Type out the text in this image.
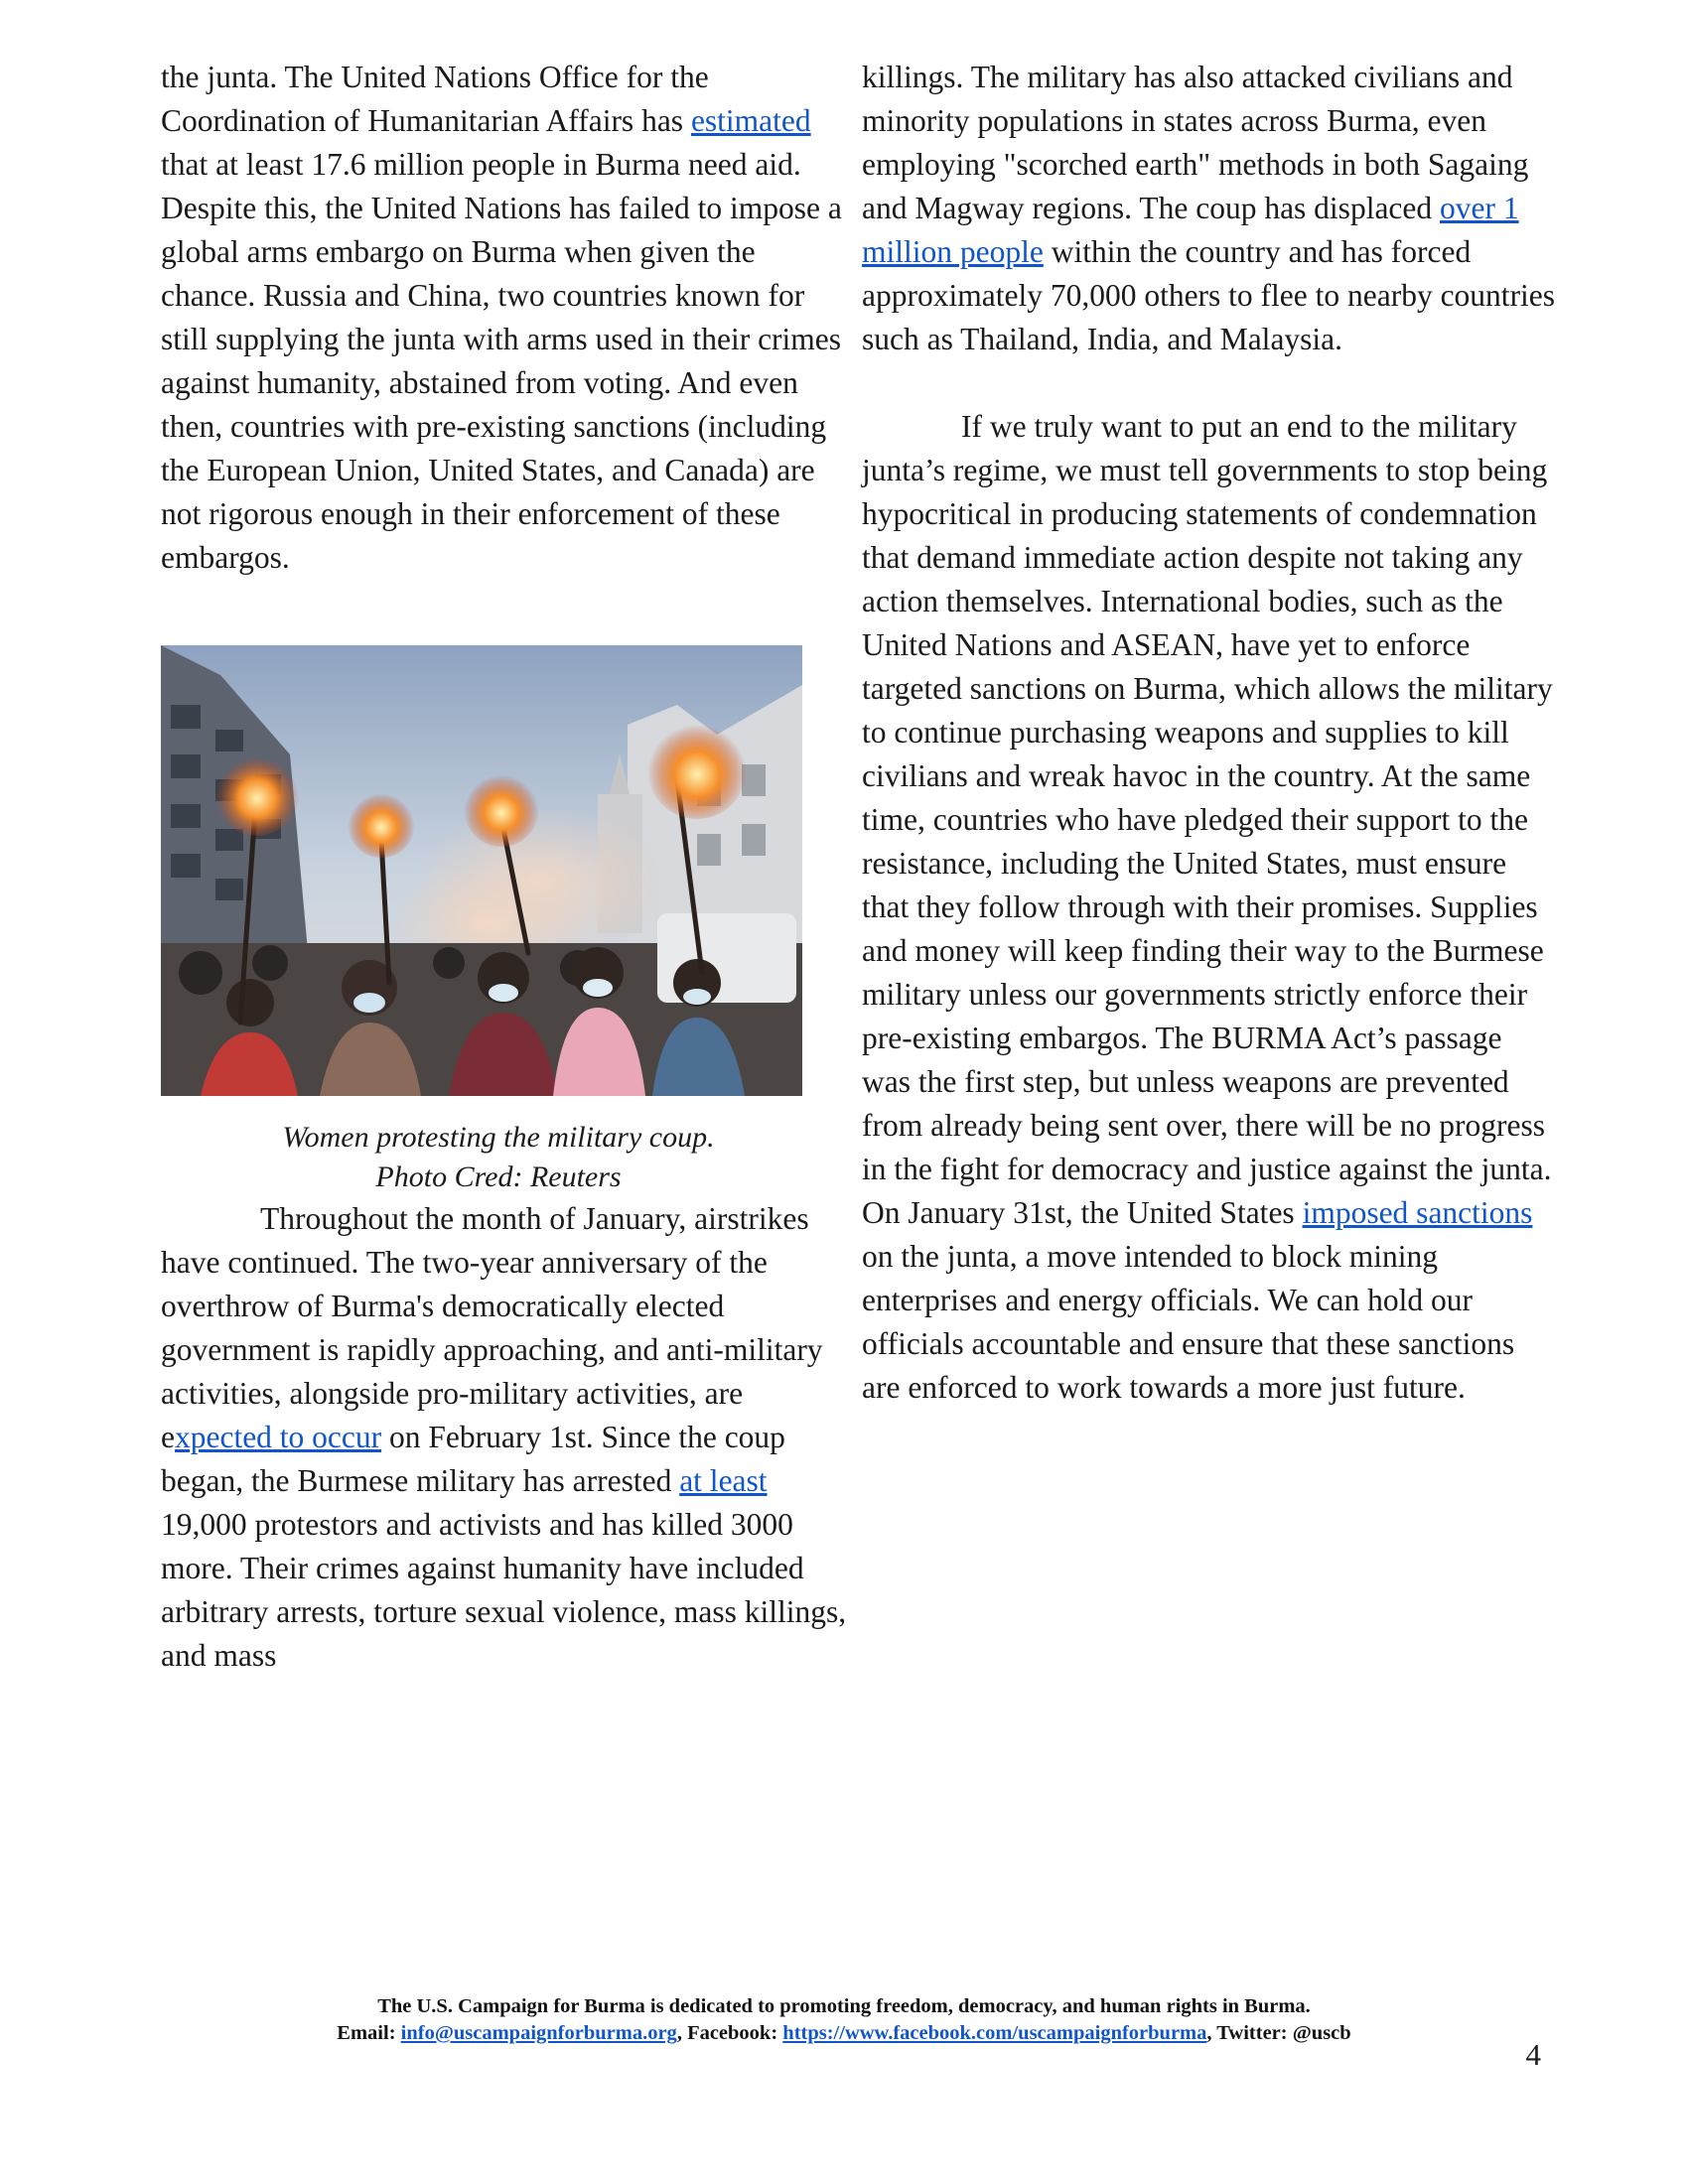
the junta. The United Nations Office for the Coordination of Humanitarian Affairs has estimated that at least 17.6 million people in Burma need aid. Despite this, the United Nations has failed to impose a global arms embargo on Burma when given the chance. Russia and China, two countries known for still supplying the junta with arms used in their crimes against humanity, abstained from voting. And even then, countries with pre-existing sanctions (including the European Union, United States, and Canada) are not rigorous enough in their enforcement of these embargos.

Women protesting the military coup.
Photo Cred: Reuters

Throughout the month of January, airstrikes have continued. The two-year anniversary of the overthrow of Burma's democratically elected government is rapidly approaching, and anti-military activities, alongside pro-military activities, are expected to occur on February 1st. Since the coup began, the Burmese military has arrested at least 19,000 protestors and activists and has killed 3000 more. Their crimes against humanity have included arbitrary arrests, torture sexual violence, mass killings, and mass

killings. The military has also attacked civilians and minority populations in states across Burma, even employing "scorched earth" methods in both Sagaing and Magway regions. The coup has displaced over 1 million people within the country and has forced approximately 70,000 others to flee to nearby countries such as Thailand, India, and Malaysia.

If we truly want to put an end to the military junta’s regime, we must tell governments to stop being hypocritical in producing statements of condemnation that demand immediate action despite not taking any action themselves. International bodies, such as the United Nations and ASEAN, have yet to enforce targeted sanctions on Burma, which allows the military to continue purchasing weapons and supplies to kill civilians and wreak havoc in the country. At the same time, countries who have pledged their support to the resistance, including the United States, must ensure that they follow through with their promises. Supplies and money will keep finding their way to the Burmese military unless our governments strictly enforce their pre-existing embargos. The BURMA Act’s passage was the first step, but unless weapons are prevented from already being sent over, there will be no progress in the fight for democracy and justice against the junta. On January 31st, the United States imposed sanctions on the junta, a move intended to block mining enterprises and energy officials. We can hold our officials accountable and ensure that these sanctions are enforced to work towards a more just future.

The U.S. Campaign for Burma is dedicated to promoting freedom, democracy, and human rights in Burma.
Email: info@uscampaignforburma.org, Facebook: https://www.facebook.com/uscampaignforburma, Twitter: @uscb
4
